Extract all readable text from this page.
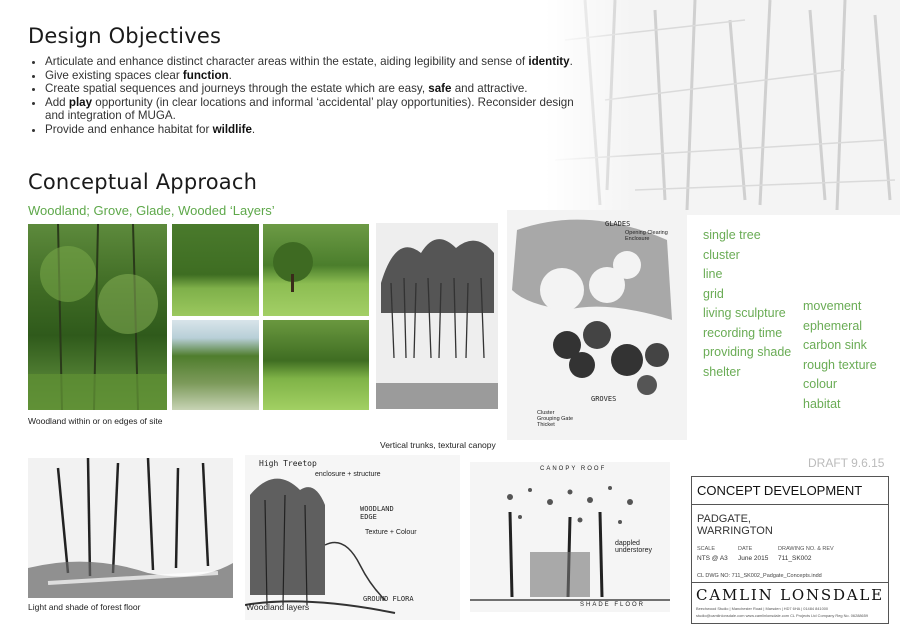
Design Objectives
• Articulate and enhance distinct character areas within the estate, aiding legibility and sense of identity.
• Give existing spaces clear function.
• Create spatial sequences and journeys through the estate which are easy, safe and attractive.
• Add play opportunity (in clear locations and informal ‘accidental’ play opportunities). Reconsider design and integration of MUGA.
• Provide and enhance habitat for wildlife.
Conceptual Approach
Woodland; Grove, Glade, Wooded ‘Layers’
Woodland within or on edges of site
Vertical trunks, textural canopy
GLADES
Opening Clearing Enclosure
GROVES
Cluster Grouping Gate Thicket
single tree
cluster
line
grid
living sculpture
recording time
providing shade
shelter
movement
ephemeral
carbon sink
rough texture
colour
habitat
Light and shade of forest floor
High Treetop
enclosure + structure
WOODLAND EDGE
Texture + Colour
GROUND FLORA
Woodland layers
CANOPY ROOF
dappled understorey
SHADE FLOOR
DRAFT 9.6.15
CONCEPT DEVELOPMENT
PADGATE,
WARRINGTON
SCALE
NTS @ A3
DATE
June 2015
DRAWING NO. & REV
711_SK002
CL DWG NO: 711_SK002_Padgate_Concepts.indd
CAMLIN LONSDALE
Beechwood Studio | Manchester Road | Marsden | HD7 6HA | 01484 841000
studio@camlinlonsdale.com www.camlinlonsdale.com CL Projects Ltd Company Reg No. 06288659
